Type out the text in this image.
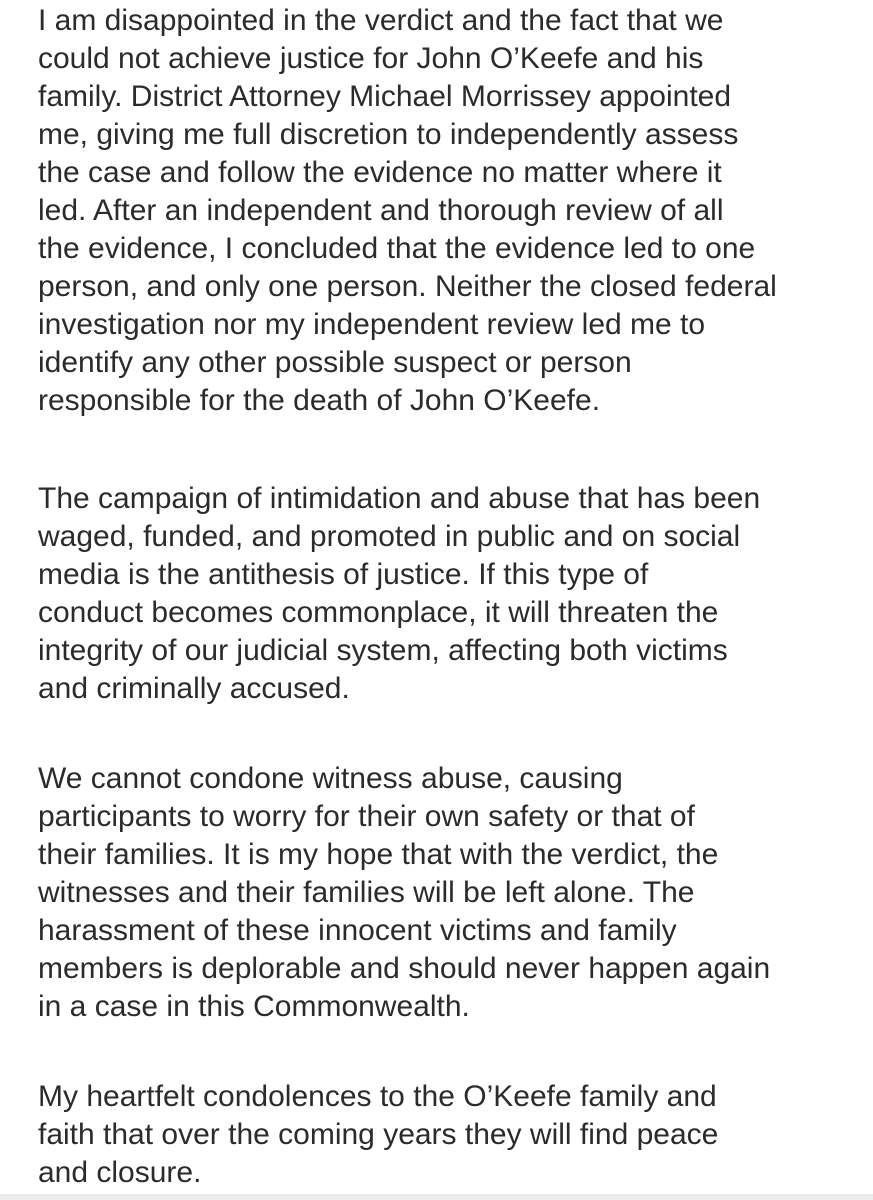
I am disappointed in the verdict and the fact that we
could not achieve justice for John O’Keefe and his
family. District Attorney Michael Morrissey appointed
me, giving me full discretion to independently assess
the case and follow the evidence no matter where it
led. After an independent and thorough review of all
the evidence, I concluded that the evidence led to one
person, and only one person. Neither the closed federal
investigation nor my independent review led me to
identify any other possible suspect or person
responsible for the death of John O’Keefe.

The campaign of intimidation and abuse that has been
waged, funded, and promoted in public and on social
media is the antithesis of justice. If this type of
conduct becomes commonplace, it will threaten the
integrity of our judicial system, affecting both victims
and criminally accused.

We cannot condone witness abuse, causing
participants to worry for their own safety or that of
their families. It is my hope that with the verdict, the
witnesses and their families will be left alone. The
harassment of these innocent victims and family
members is deplorable and should never happen again
in a case in this Commonwealth.

My heartfelt condolences to the O’Keefe family and
faith that over the coming years they will find peace
and closure.
